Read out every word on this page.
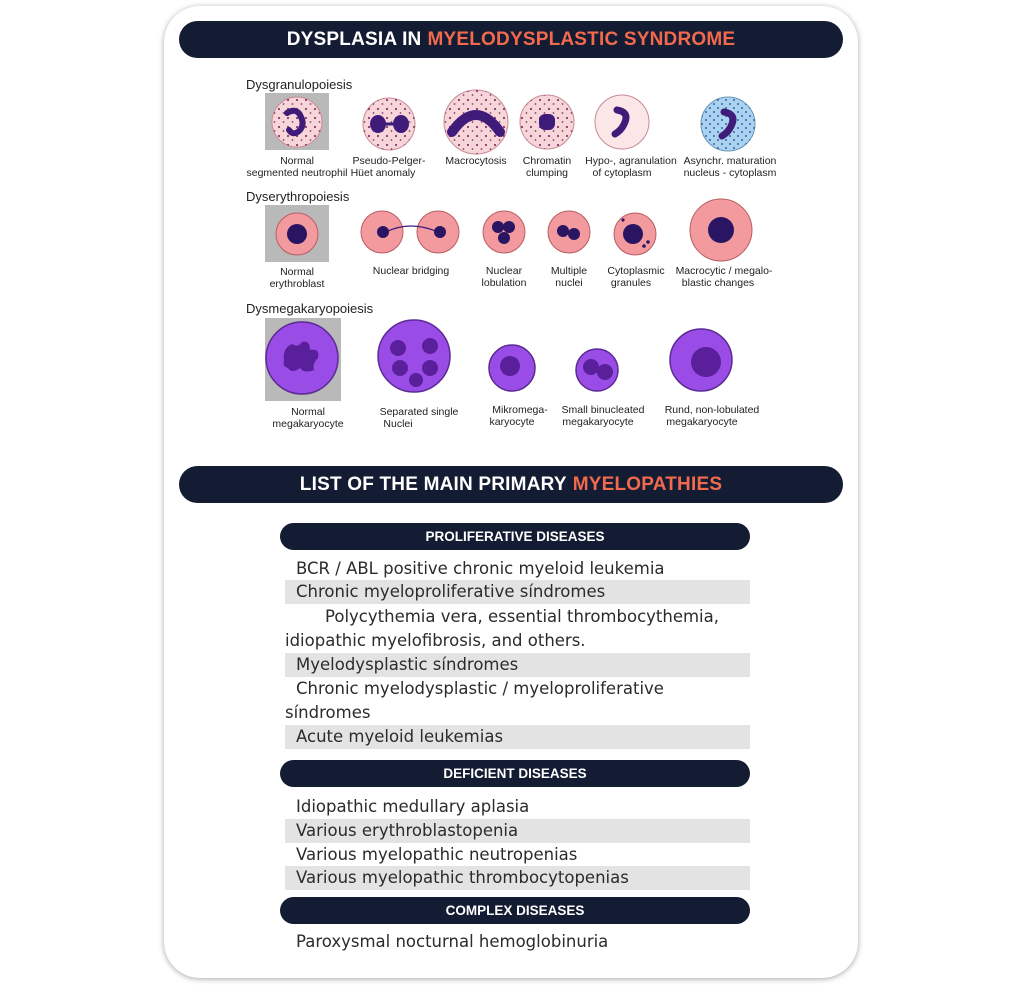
DYSPLASIA IN MYELODYSPLASTIC SYNDROME
Dysgranulopoiesis
Dyserythropoiesis
Dysmegakaryopoiesis
Normal
segmented neutrophil
Pseudo-Pelger-
Hüet anomaly
Macrocytosis Chromatin
clumping
Hypo-, agranulation
of cytoplasm
Asynchr. maturation
nucleus - cytoplasm
Normal
erythroblast
Nuclear bridging	Nuclear
lobulation
Multiple
nuclei
Cytoplasmic
granules
Macrocytic / megalo-
blastic changes
Normal
megakaryocyte
Separated single
Nuclei
Mikromega-
karyocyte
Small binucleated
megakaryocyte
Rund, non-lobulated
megakaryocyte
LIST OF THE MAIN PRIMARY MYELOPATHIES
PROLIFERATIVE DISEASES
BCR / ABL positive chronic myeloid leukemia
Chronic myeloproliferative síndromes
Polycythemia vera, essential thrombocythemia, idiopathic myelofibrosis, and others.
Myelodysplastic síndromes
Chronic myelodysplastic / myeloproliferative síndromes
Acute myeloid leukemias
DEFICIENT DISEASES
Idiopathic medullary aplasia
Various erythroblastopenia
Various myelopathic neutropenias
Various myelopathic thrombocytopenias
COMPLEX DISEASES
Paroxysmal nocturnal hemoglobinuria
